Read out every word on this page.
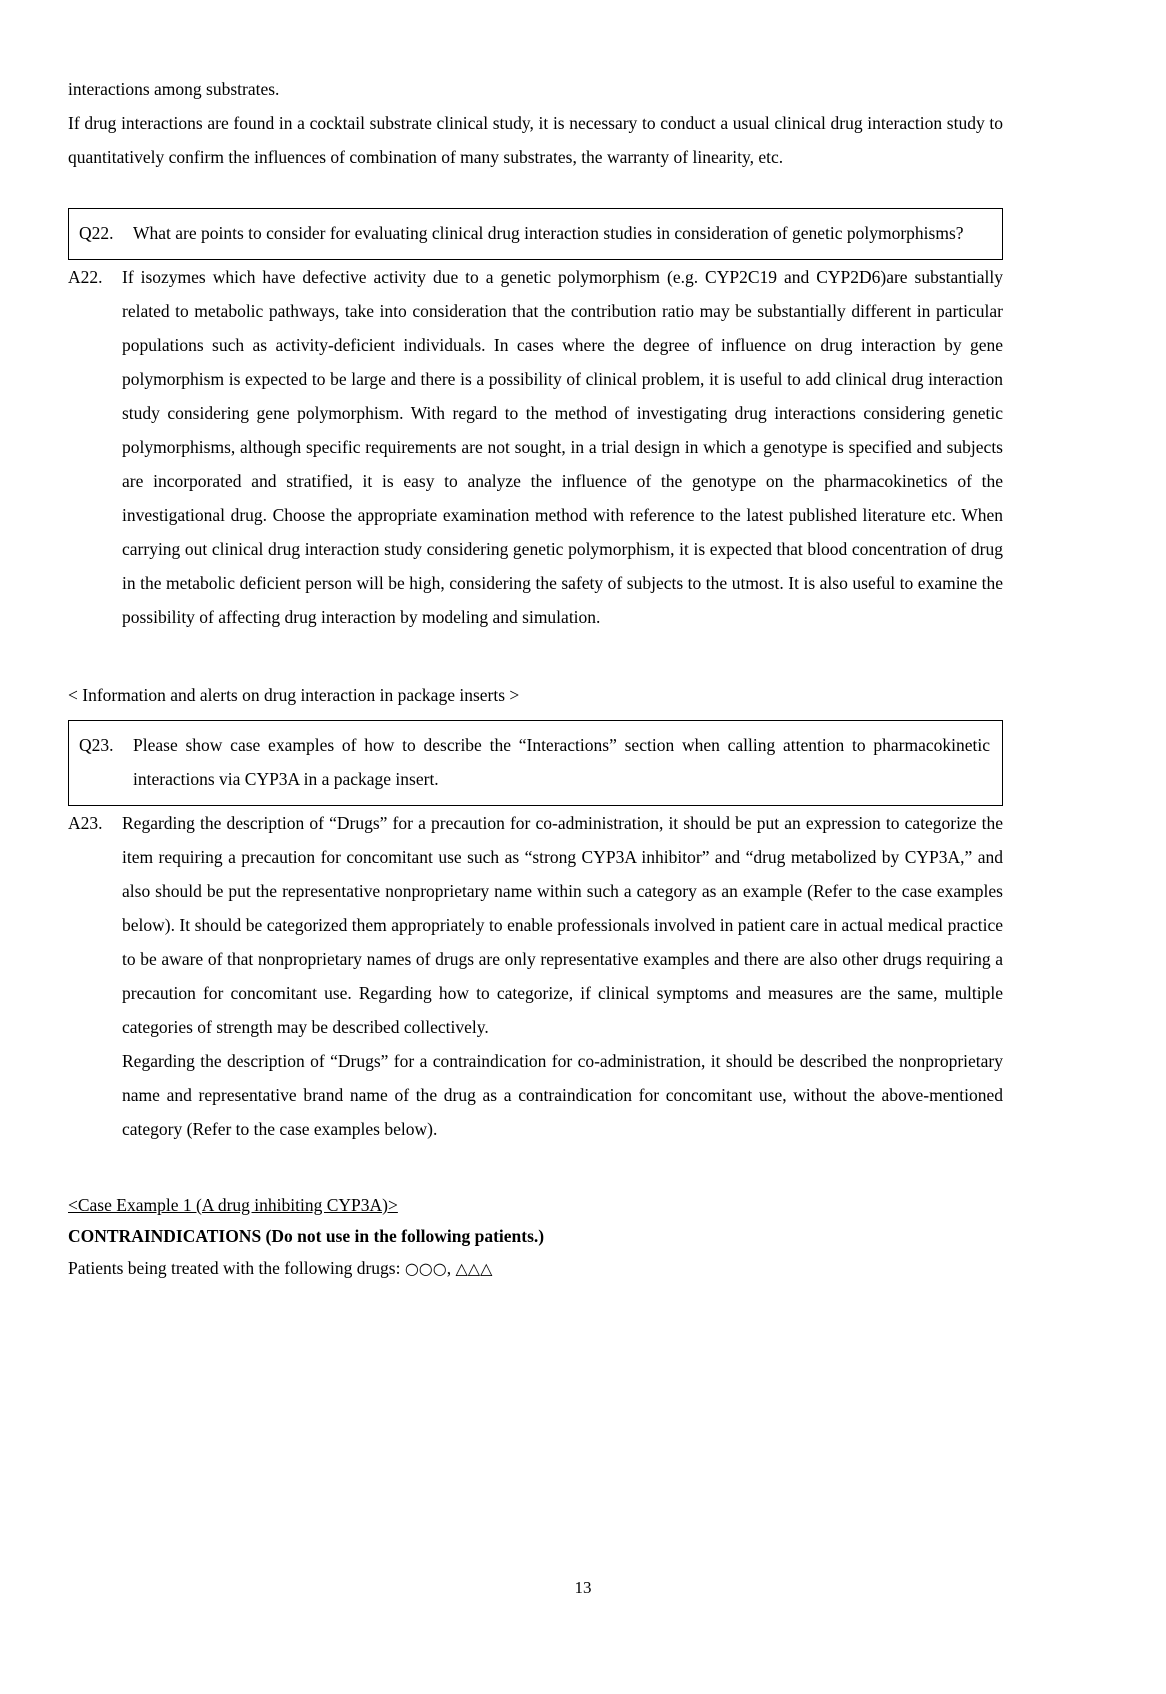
interactions among substrates.

If drug interactions are found in a cocktail substrate clinical study, it is necessary to conduct a usual clinical drug interaction study to quantitatively confirm the influences of combination of many substrates, the warranty of linearity, etc.

Q22.	What are points to consider for evaluating clinical drug interaction studies in consideration of genetic polymorphisms?
A22.	If isozymes which have defective activity due to a genetic polymorphism (e.g. CYP2C19 and CYP2D6)are substantially related to metabolic pathways, take into consideration that the contribution ratio may be substantially different in particular populations such as activity-deficient individuals. In cases where the degree of influence on drug interaction by gene polymorphism is expected to be large and there is a possibility of clinical problem, it is useful to add clinical drug interaction study considering gene polymorphism. With regard to the method of investigating drug interactions considering genetic polymorphisms, although specific requirements are not sought, in a trial design in which a genotype is specified and subjects are incorporated and stratified, it is easy to analyze the influence of the genotype on the pharmacokinetics of the investigational drug. Choose the appropriate examination method with reference to the latest published literature etc. When carrying out clinical drug interaction study considering genetic polymorphism, it is expected that blood concentration of drug in the metabolic deficient person will be high, considering the safety of subjects to the utmost. It is also useful to examine the possibility of affecting drug interaction by modeling and simulation.

< Information and alerts on drug interaction in package inserts >
Q23.	Please show case examples of how to describe the “Interactions” section when calling attention to pharmacokinetic interactions via CYP3A in a package insert.
A23.	Regarding the description of “Drugs” for a precaution for co-administration, it should be put an expression to categorize the item requiring a precaution for concomitant use such as “strong CYP3A inhibitor” and “drug metabolized by CYP3A,” and also should be put the representative nonproprietary name within such a category as an example (Refer to the case examples below). It should be categorized them appropriately to enable professionals involved in patient care in actual medical practice to be aware of that nonproprietary names of drugs are only representative examples and there are also other drugs requiring a precaution for concomitant use. Regarding how to categorize, if clinical symptoms and measures are the same, multiple categories of strength may be described collectively.

Regarding the description of “Drugs” for a contraindication for co-administration, it should be described the nonproprietary name and representative brand name of the drug as a contraindication for concomitant use, without the above-mentioned category (Refer to the case examples below).

<Case Example 1 (A drug inhibiting CYP3A)>
CONTRAINDICATIONS (Do not use in the following patients.)
Patients being treated with the following drugs: ○○○, △△△
13
